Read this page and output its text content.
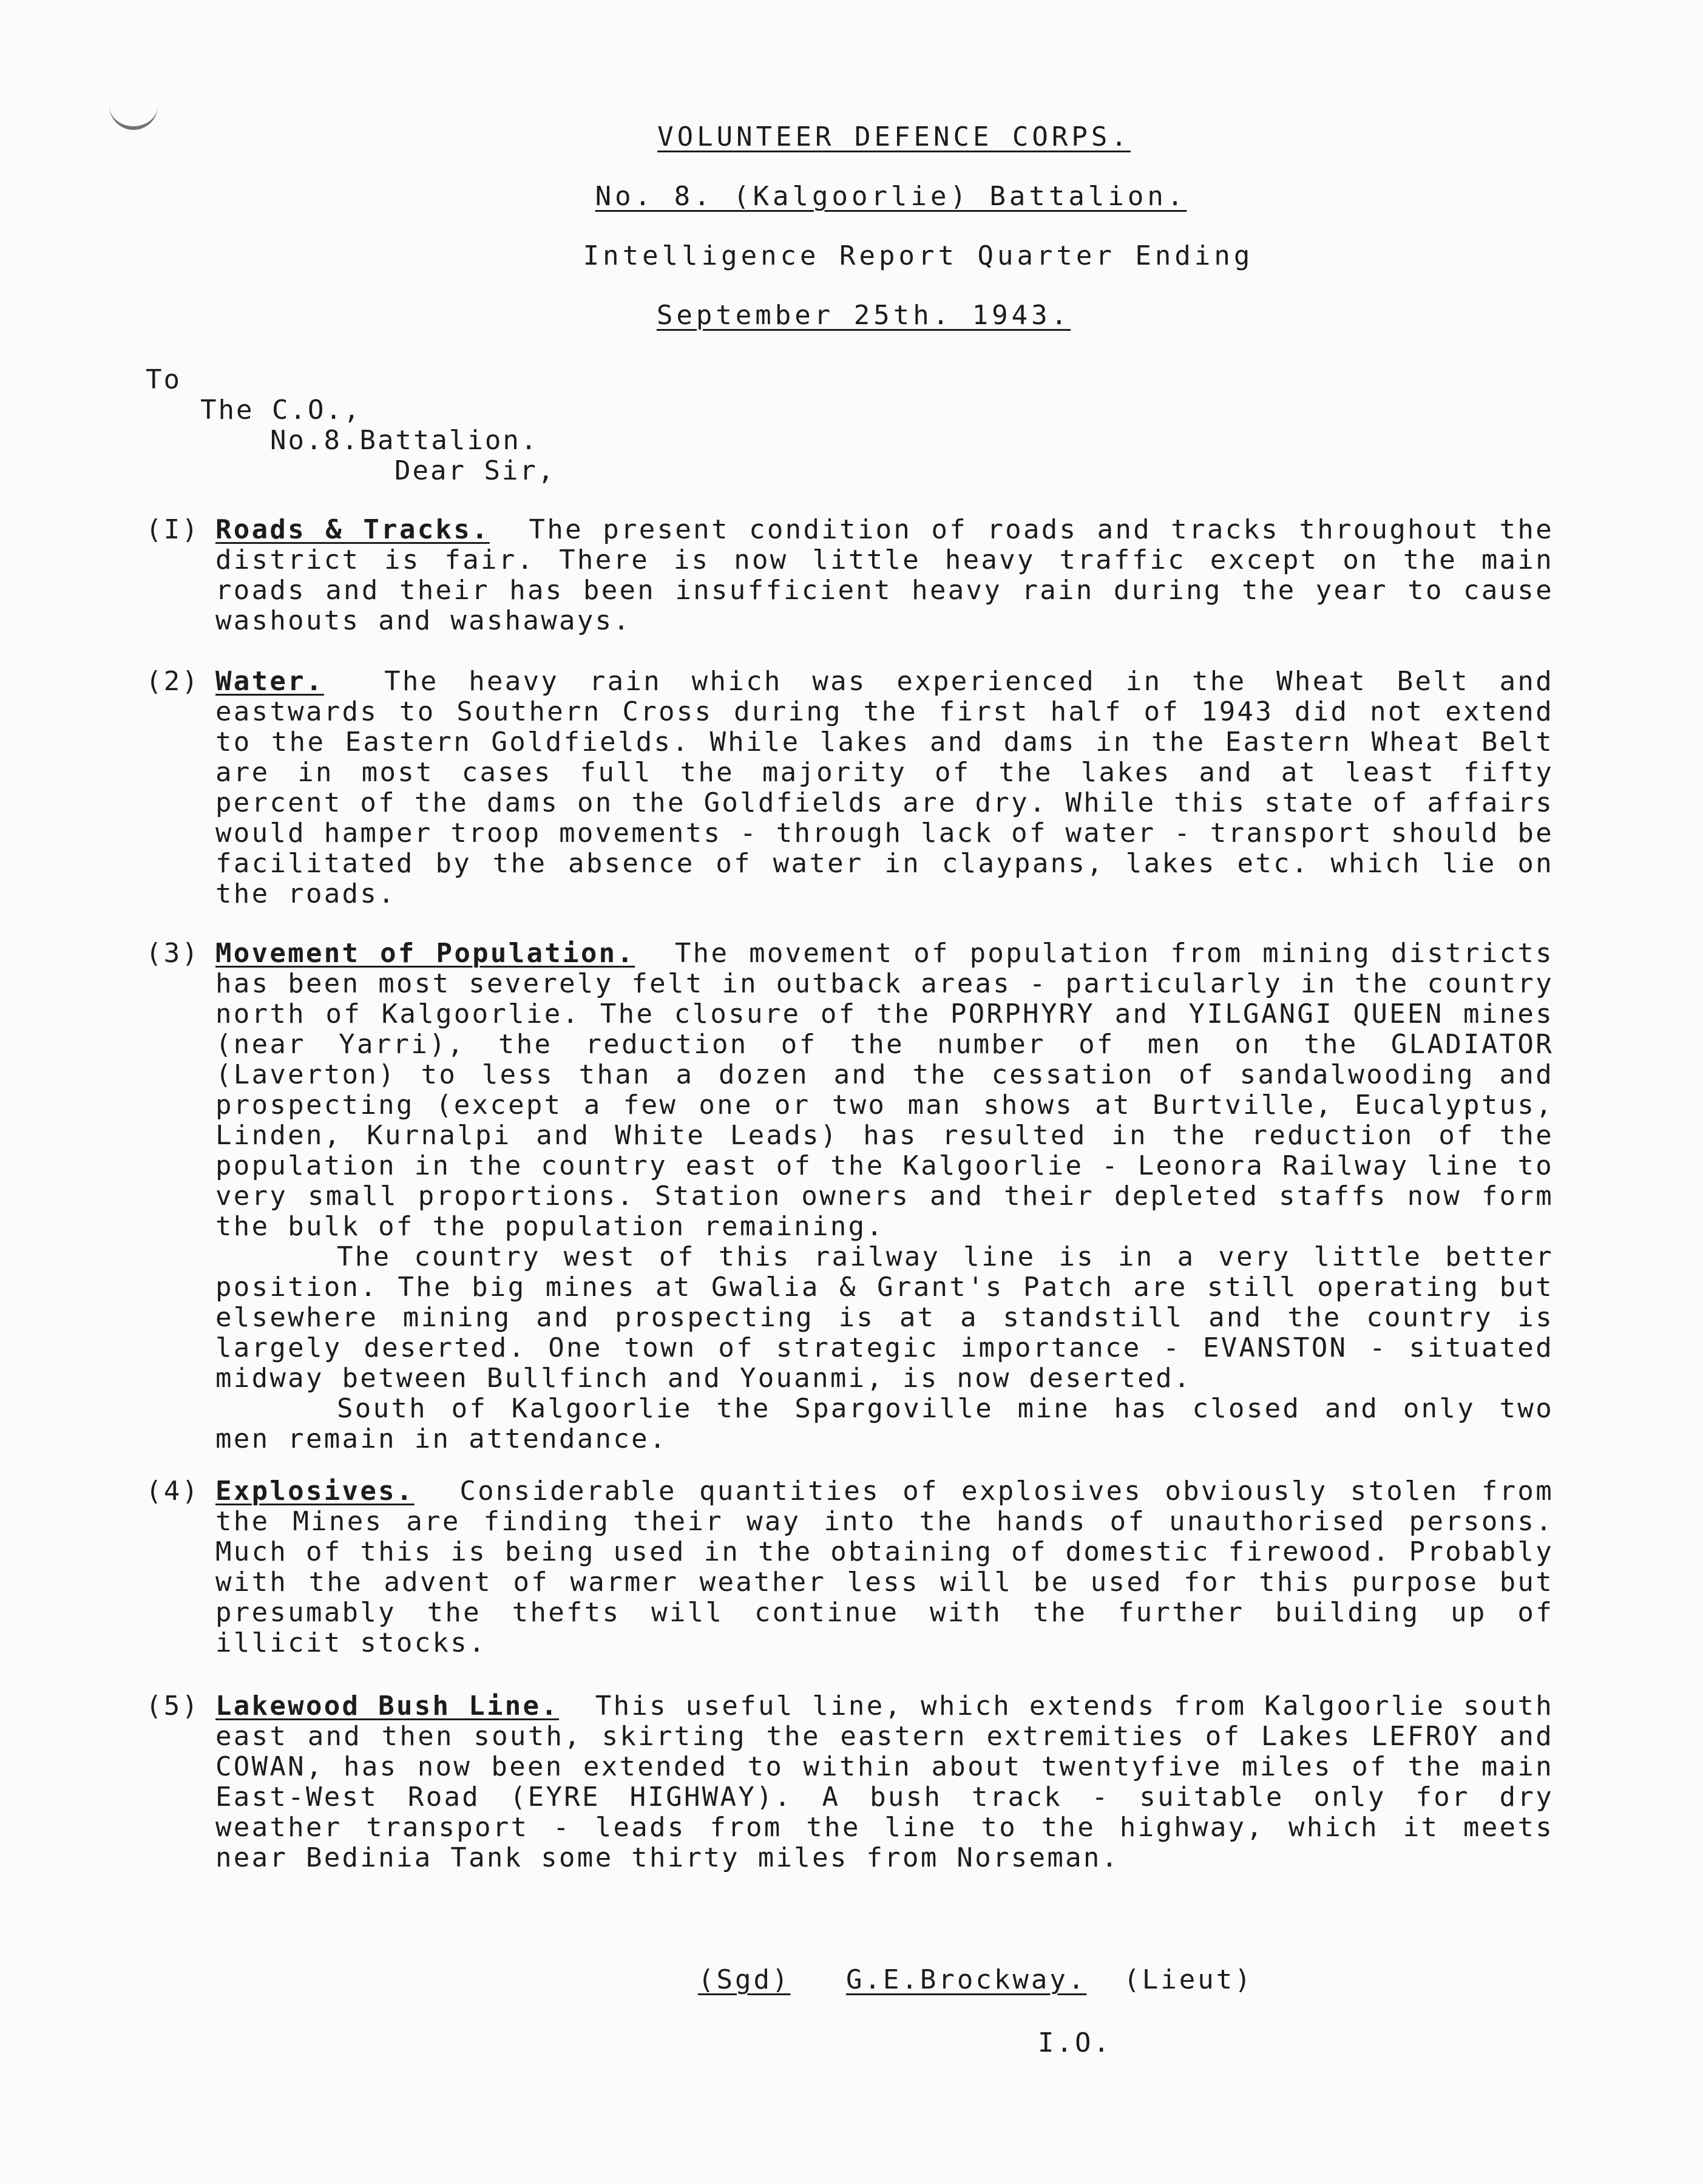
VOLUNTEER DEFENCE CORPS.
No. 8. (Kalgoorlie) Battalion.
Intelligence Report Quarter Ending
September 25th. 1943.
To
The C.O.,
No.8.Battalion.
Dear Sir,
(I) Roads & Tracks. The present condition of roads and tracks throughout the district is fair. There is now little heavy traffic except on the main roads and their has been insufficient heavy rain during the year to cause washouts and washaways.

(2) Water. The heavy rain which was experienced in the Wheat Belt and eastwards to Southern Cross during the first half of 1943 did not extend to the Eastern Goldfields. While lakes and dams in the Eastern Wheat Belt are in most cases full the majority of the lakes and at least fifty percent of the dams on the Goldfields are dry. While this state of affairs would hamper troop movements - through lack of water - transport should be facilitated by the absence of water in claypans, lakes etc. which lie on the roads.

(3) Movement of Population. The movement of population from mining districts has been most severely felt in outback areas - particularly in the country north of Kalgoorlie. The closure of the PORPHYRY and YILGANGI QUEEN mines (near Yarri), the reduction of the number of men on the GLADIATOR (Laverton) to less than a dozen and the cessation of sandalwooding and prospecting (except a few one or two man shows at Burtville, Eucalyptus, Linden, Kurnalpi and White Leads) has resulted in the reduction of the population in the country east of the Kalgoorlie - Leonora Railway line to very small proportions. Station owners and their depleted staffs now form the bulk of the population remaining.

The country west of this railway line is in a very little better position. The big mines at Gwalia & Grant's Patch are still operating but elsewhere mining and prospecting is at a standstill and the country is largely deserted. One town of strategic importance - EVANSTON - situated midway between Bullfinch and Youanmi, is now deserted.

South of Kalgoorlie the Spargoville mine has closed and only two men remain in attendance.

(4) Explosives. Considerable quantities of explosives obviously stolen from the Mines are finding their way into the hands of unauthorised persons. Much of this is being used in the obtaining of domestic firewood. Probably with the advent of warmer weather less will be used for this purpose but presumably the thefts will continue with the further building up of illicit stocks.

(5) Lakewood Bush Line. This useful line, which extends from Kalgoorlie south east and then south, skirting the eastern extremities of Lakes LEFROY and COWAN, has now been extended to within about twentyfive miles of the main East-West Road (EYRE HIGHWAY). A bush track - suitable only for dry weather transport - leads from the line to the highway, which it meets near Bedinia Tank some thirty miles from Norseman.

(Sgd) G.E.Brockway. (Lieut)
I.O.
